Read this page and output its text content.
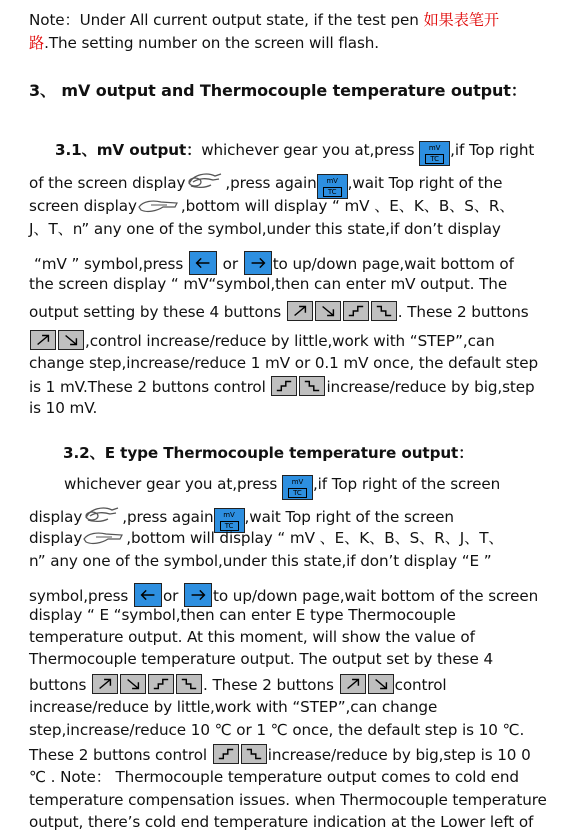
Note：Under All current output state, if the test pen 如果表笔开
路.The setting number on the screen will flash.
3、 mV output and Thermocouple temperature output：
3.1、mV output：whichever gear you at,press $\frac{mV}{TC} ,if$ Top right
of the screen display	,press again $\frac{mV}{TC}$ ,wait Top right of the
screen display	,bottom will display “ mV 、E、K、B、S、R、
J、T、n” any one of the symbol,under this state,if don’t display
“mV ” symbol,press
or
to up/down page,wait bottom of
the screen display “ mV“symbol,then can enter mV output. The
output setting by these 4 buttons	. These 2 buttons
,control increase/reduce by little,work with “STEP”,can
change step,increase/reduce 1 mV or 0.1 mV once, the default step
is 1 mV.These 2 buttons control	increase/reduce by big,step
is 10 mV.
3.2、E type Thermocouple temperature output：
whichever gear you at,press $\frac{mV}{TC} ,if$ Top right of the screen
display	,press again $\frac{mV}{TC}$ ,wait Top right of the screen
display	,bottom will display “ mV 、E、K、B、S、R、J、T、
n” any one of the symbol,under this state,if don’t display “E ”
symbol,press
or
to up/down page,wait bottom of the screen
display “ E “symbol,then can enter E type Thermocouple
temperature output. At this moment, will show the value of
Thermocouple temperature output. The output set by these 4
buttons	. These 2 buttons	control
increase/reduce by little,work with “STEP”,can change
step,increase/reduce 10 ℃ or 1 ℃ once, the default step is 10 ℃.
These 2 buttons control	increase/reduce by big,step is 10 0
℃ . Note： Thermocouple temperature output comes to cold end
temperature compensation issues. when Thermocouple temperature
output, there’s cold end temperature indication at the Lower left of
